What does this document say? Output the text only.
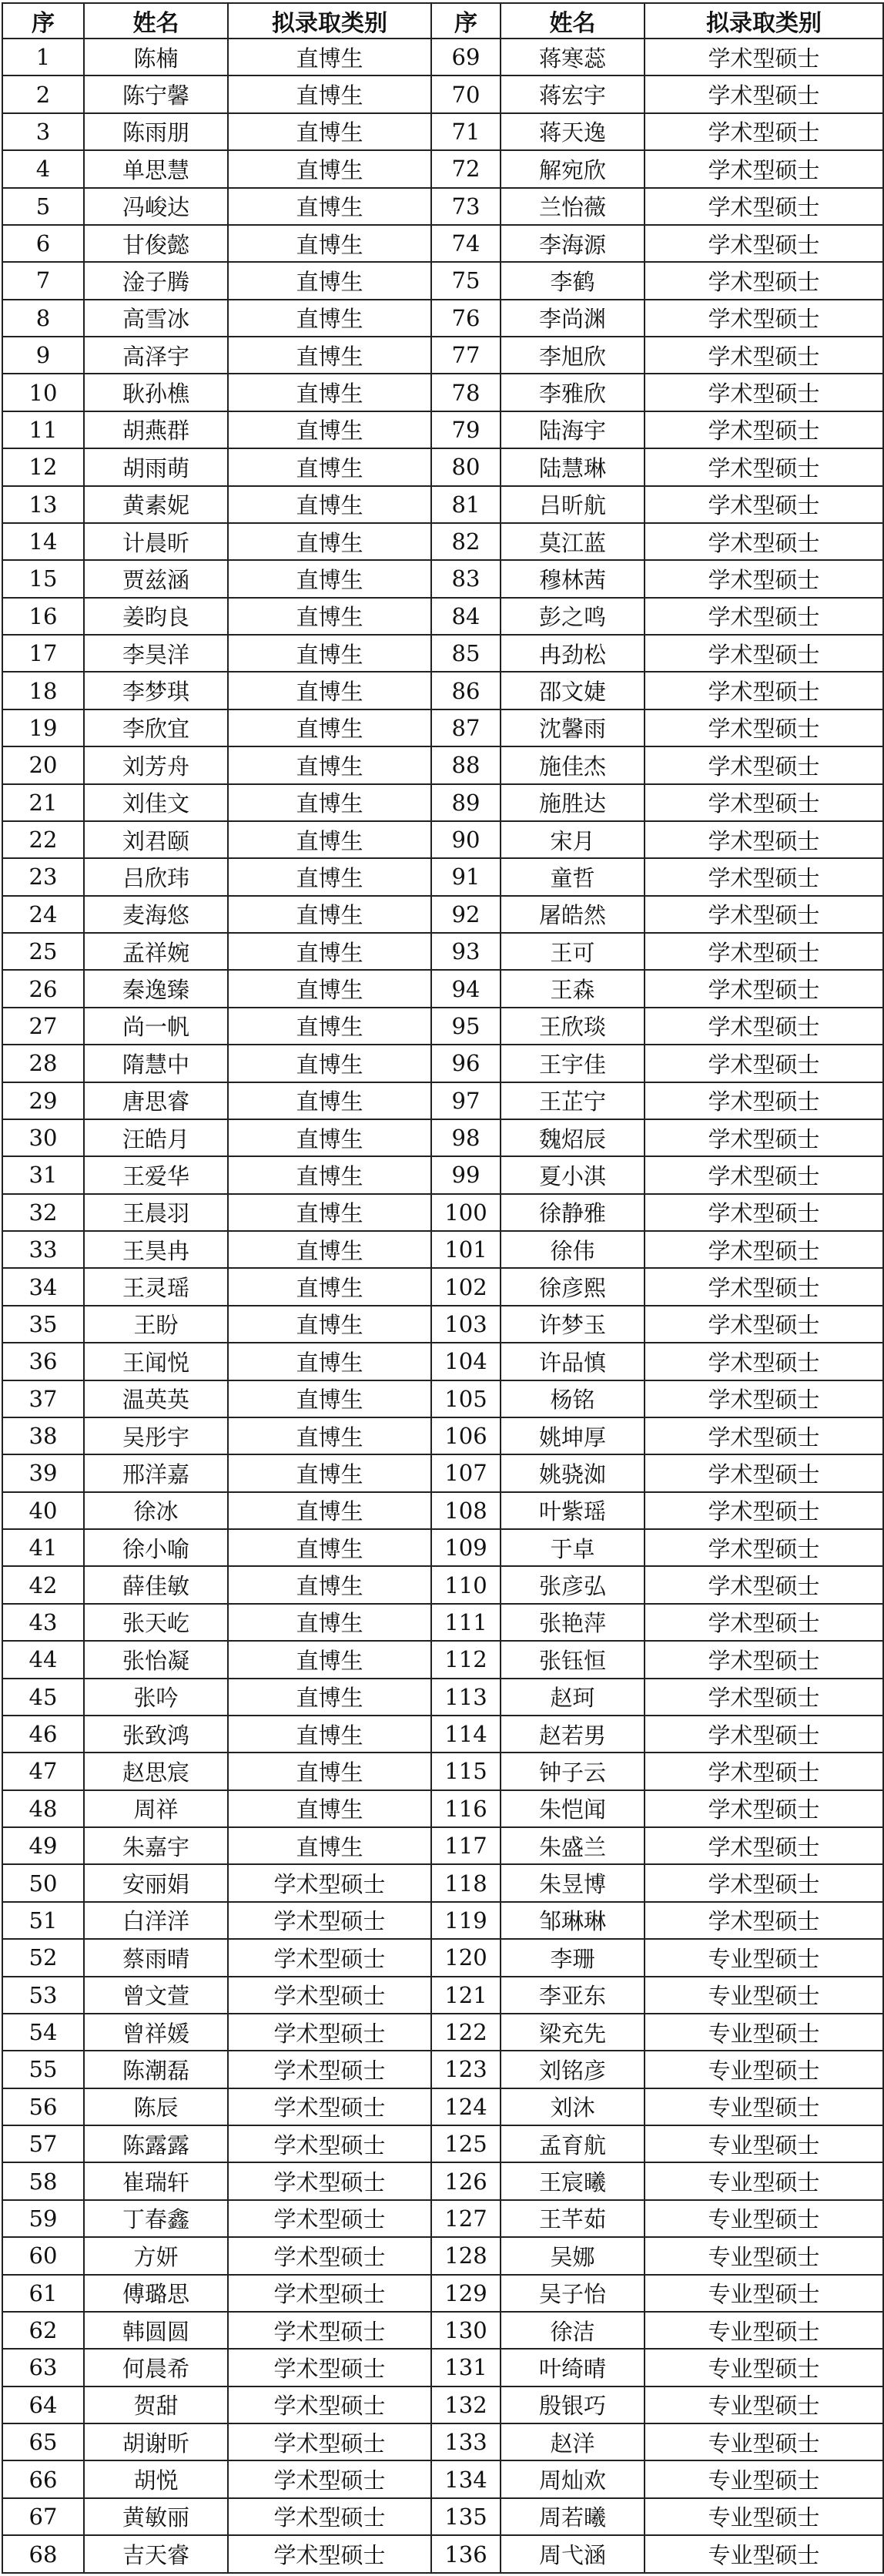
序	姓名	拟录取类别	序	姓名	拟录取类别
1	陈楠	直博生	69	蒋寒蕊	学术型硕士
2	陈宁馨	直博生	70	蒋宏宇	学术型硕士
3	陈雨朋	直博生	71	蒋天逸	学术型硕士
4	单思慧	直博生	72	解宛欣	学术型硕士
5	冯峻达	直博生	73	兰怡薇	学术型硕士
6	甘俊懿	直博生	74	李海源	学术型硕士
7	淦子腾	直博生	75	李鹤	学术型硕士
8	高雪冰	直博生	76	李尚渊	学术型硕士
9	高泽宇	直博生	77	李旭欣	学术型硕士
10	耿孙樵	直博生	78	李雅欣	学术型硕士
11	胡燕群	直博生	79	陆海宇	学术型硕士
12	胡雨萌	直博生	80	陆慧琳	学术型硕士
13	黄素妮	直博生	81	吕昕航	学术型硕士
14	计晨昕	直博生	82	莫江蓝	学术型硕士
15	贾兹涵	直博生	83	穆林茜	学术型硕士
16	姜昀良	直博生	84	彭之鸣	学术型硕士
17	李昊洋	直博生	85	冉劲松	学术型硕士
18	李梦琪	直博生	86	邵文婕	学术型硕士
19	李欣宜	直博生	87	沈馨雨	学术型硕士
20	刘芳舟	直博生	88	施佳杰	学术型硕士
21	刘佳文	直博生	89	施胜达	学术型硕士
22	刘君颐	直博生	90	宋月	学术型硕士
23	吕欣玮	直博生	91	童哲	学术型硕士
24	麦海悠	直博生	92	屠皓然	学术型硕士
25	孟祥婉	直博生	93	王可	学术型硕士
26	秦逸臻	直博生	94	王森	学术型硕士
27	尚一帆	直博生	95	王欣琰	学术型硕士
28	隋慧中	直博生	96	王宇佳	学术型硕士
29	唐思睿	直博生	97	王芷宁	学术型硕士
30	汪皓月	直博生	98	魏炤辰	学术型硕士
31	王爱华	直博生	99	夏小淇	学术型硕士
32	王晨羽	直博生	100	徐静雅	学术型硕士
33	王昊冉	直博生	101	徐伟	学术型硕士
34	王灵瑶	直博生	102	徐彦熙	学术型硕士
35	王盼	直博生	103	许梦玉	学术型硕士
36	王闻悦	直博生	104	许品慎	学术型硕士
37	温英英	直博生	105	杨铭	学术型硕士
38	吴彤宇	直博生	106	姚坤厚	学术型硕士
39	邢洋嘉	直博生	107	姚骁洳	学术型硕士
40	徐冰	直博生	108	叶紫瑶	学术型硕士
41	徐小喻	直博生	109	于卓	学术型硕士
42	薛佳敏	直博生	110	张彦弘	学术型硕士
43	张天屹	直博生	111	张艳萍	学术型硕士
44	张怡凝	直博生	112	张钰恒	学术型硕士
45	张吟	直博生	113	赵珂	学术型硕士
46	张致鸿	直博生	114	赵若男	学术型硕士
47	赵思宸	直博生	115	钟子云	学术型硕士
48	周祥	直博生	116	朱恺闻	学术型硕士
49	朱嘉宇	直博生	117	朱盛兰	学术型硕士
50	安丽娟	学术型硕士	118	朱昱博	学术型硕士
51	白洋洋	学术型硕士	119	邹琳琳	学术型硕士
52	蔡雨晴	学术型硕士	120	李珊	专业型硕士
53	曾文萱	学术型硕士	121	李亚东	专业型硕士
54	曾祥媛	学术型硕士	122	梁充先	专业型硕士
55	陈潮磊	学术型硕士	123	刘铭彦	专业型硕士
56	陈辰	学术型硕士	124	刘沐	专业型硕士
57	陈露露	学术型硕士	125	孟育航	专业型硕士
58	崔瑞轩	学术型硕士	126	王宸曦	专业型硕士
59	丁春鑫	学术型硕士	127	王芊茹	专业型硕士
60	方妍	学术型硕士	128	吴娜	专业型硕士
61	傅璐思	学术型硕士	129	吴子怡	专业型硕士
62	韩圆圆	学术型硕士	130	徐洁	专业型硕士
63	何晨希	学术型硕士	131	叶绮晴	专业型硕士
64	贺甜	学术型硕士	132	殷银巧	专业型硕士
65	胡谢昕	学术型硕士	133	赵洋	专业型硕士
66	胡悦	学术型硕士	134	周灿欢	专业型硕士
67	黄敏丽	学术型硕士	135	周若曦	专业型硕士
68	吉天睿	学术型硕士	136	周弋涵	专业型硕士
